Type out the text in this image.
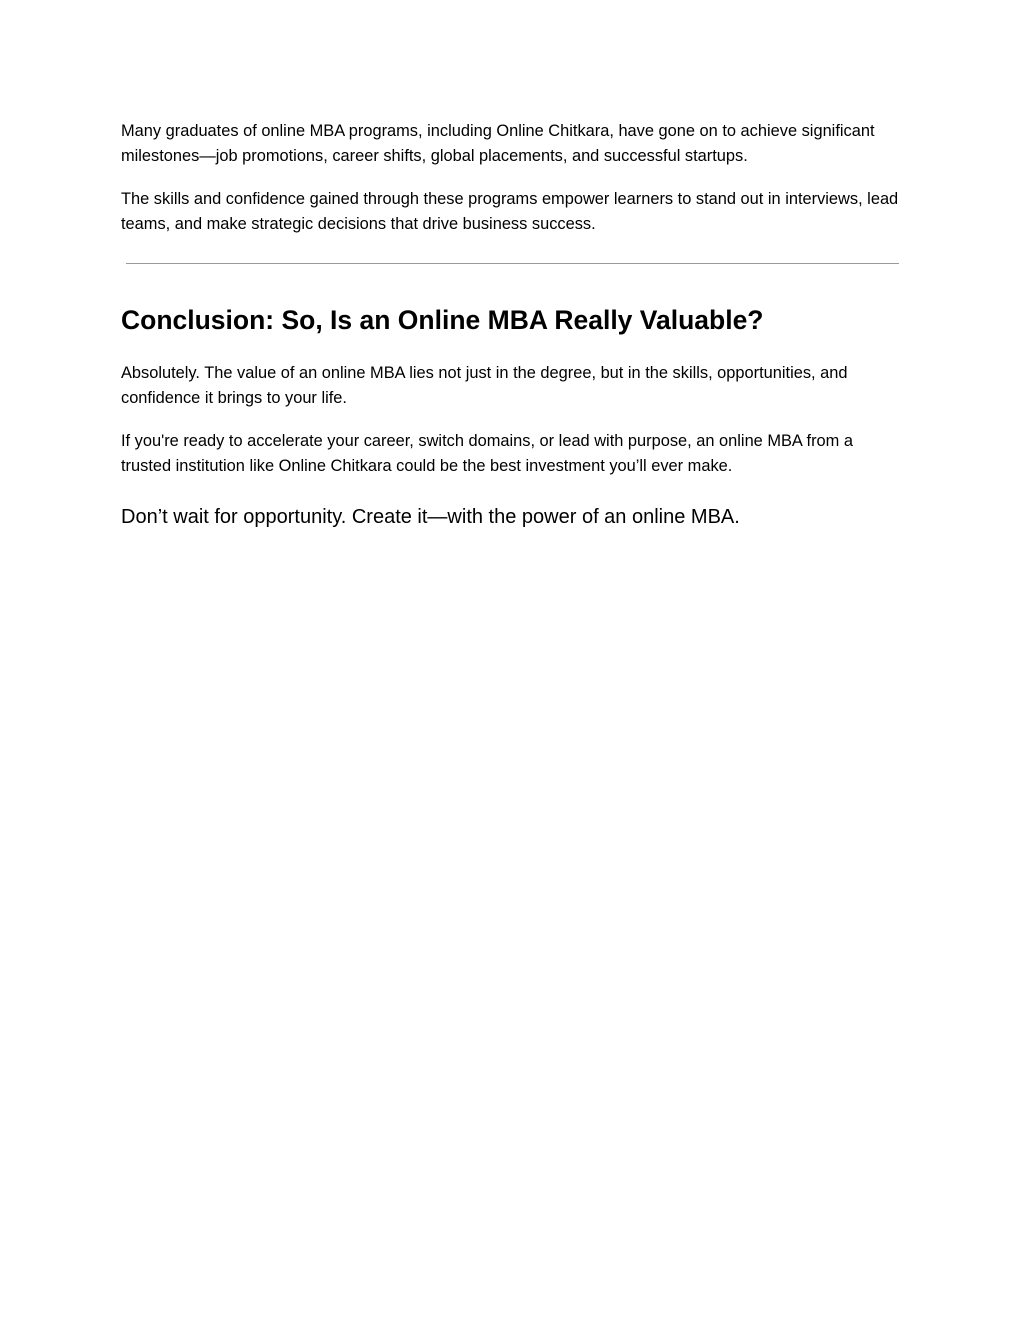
Many graduates of online MBA programs, including Online Chitkara, have gone on to achieve significant milestones—job promotions, career shifts, global placements, and successful startups.

The skills and confidence gained through these programs empower learners to stand out in interviews, lead teams, and make strategic decisions that drive business success.

Conclusion: So, Is an Online MBA Really Valuable?

Absolutely. The value of an online MBA lies not just in the degree, but in the skills, opportunities, and confidence it brings to your life.

If you're ready to accelerate your career, switch domains, or lead with purpose, an online MBA from a trusted institution like Online Chitkara could be the best investment you’ll ever make.

Don’t wait for opportunity. Create it—with the power of an online MBA.
